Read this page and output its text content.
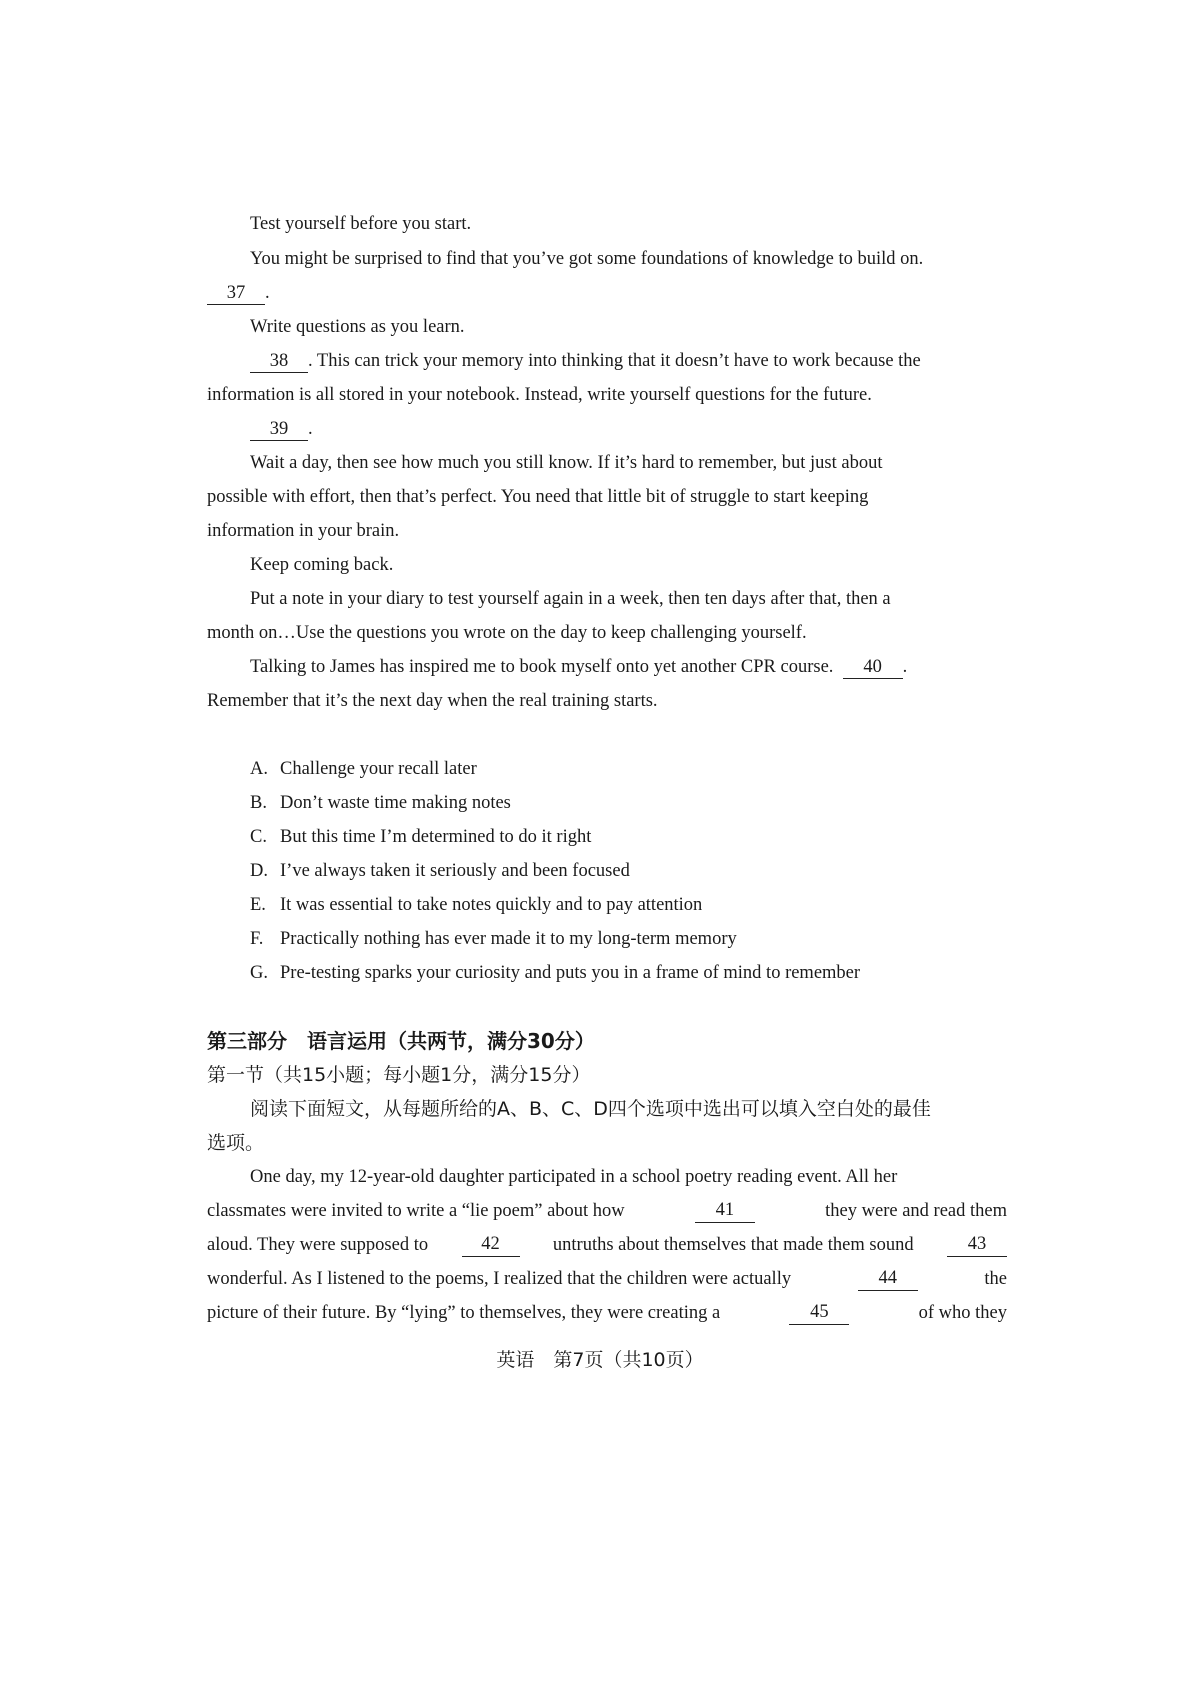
Test yourself before you start.
You might be surprised to find that you’ve got some foundations of knowledge to build on.
37 .
Write questions as you learn.
38 . This can trick your memory into thinking that it doesn’t have to work because the
information is all stored in your notebook. Instead, write yourself questions for the future.
39 .
Wait a day, then see how much you still know. If it’s hard to remember, but just about
possible with effort, then that’s perfect. You need that little bit of struggle to start keeping
information in your brain.
Keep coming back.
Put a note in your diary to test yourself again in a week, then ten days after that, then a
month on…Use the questions you wrote on the day to keep challenging yourself.
Talking to James has inspired me to book myself onto yet another CPR course. 40 .
Remember that it’s the next day when the real training starts.
A. Challenge your recall later
B. Don’t waste time making notes
C. But this time I’m determined to do it right
D. I’ve always taken it seriously and been focused
E. It was essential to take notes quickly and to pay attention
F. Practically nothing has ever made it to my long-term memory
G. Pre-testing sparks your curiosity and puts you in a frame of mind to remember
第三部分　语言运用（共两节，满分30分）
第一节（共15小题；每小题1分，满分15分）
阅读下面短文，从每题所给的A、B、C、D四个选项中选出可以填入空白处的最佳
选项。
One day, my 12-year-old daughter participated in a school poetry reading event. All her
classmates were invited to write a “lie poem” about how	41	they were and read them
aloud. They were supposed to	42	untruths about themselves that made them sound	43
wonderful. As I listened to the poems, I realized that the children were actually	44	the
picture of their future. By “lying” to themselves, they were creating a	45	of who they
英语　第7页（共10页）
